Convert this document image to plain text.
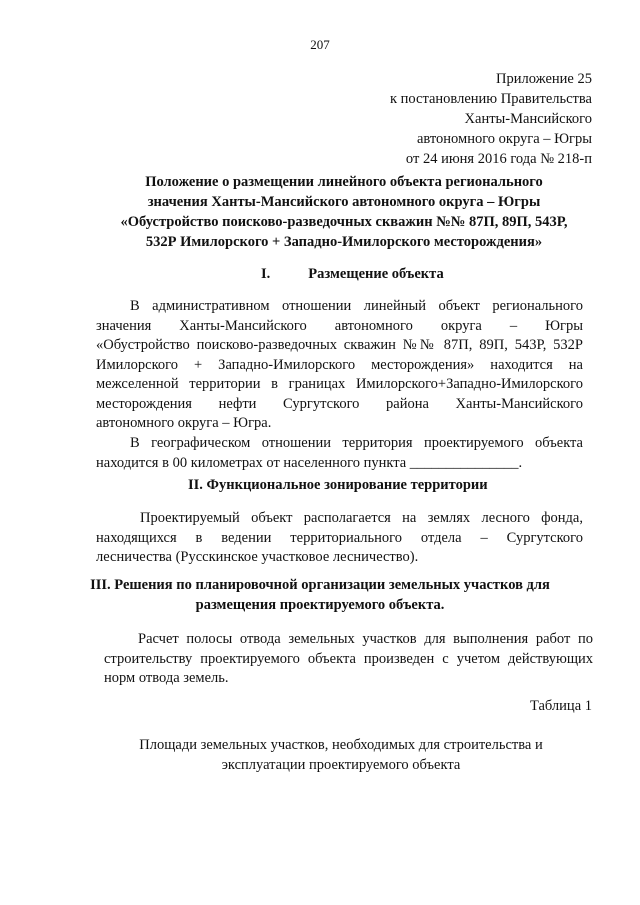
207
Приложение 25
к постановлению Правительства
Ханты-Мансийского
автономного округа – Югры
от 24 июня 2016 года № 218-п
Положение о размещении линейного объекта регионального
значения Ханты-Мансийского автономного округа – Югры
«Обустройство поисково-разведочных скважин №№ 87П, 89П, 543Р,
532Р Имилорского + Западно-Имилорского месторождения»
I.	Размещение объекта
В административном отношении линейный объект регионального
значения Ханты-Мансийского автономного округа – Югры
«Обустройство поисково-разведочных скважин №№ 87П, 89П, 543Р, 532Р
Имилорского + Западно-Имилорского месторождения» находится на
межселенной территории в границах Имилорского+Западно-Имилорского
месторождения нефти Сургутского района Ханты-Мансийского
автономного округа – Югра.
В географическом отношении территория проектируемого объекта
находится в 00 километрах от населенного пункта _______________.
II. Функциональное зонирование территории
Проектируемый объект располагается на землях лесного фонда,
находящихся в ведении территориального отдела – Сургутского
лесничества (Русскинское участковое лесничество).
III. Решения по планировочной организации земельных участков для
размещения проектируемого объекта.
Расчет полосы отвода земельных участков для выполнения работ по
строительству проектируемого объекта произведен с учетом действующих
норм отвода земель.
Таблица 1
Площади земельных участков, необходимых для строительства и
эксплуатации проектируемого объекта
